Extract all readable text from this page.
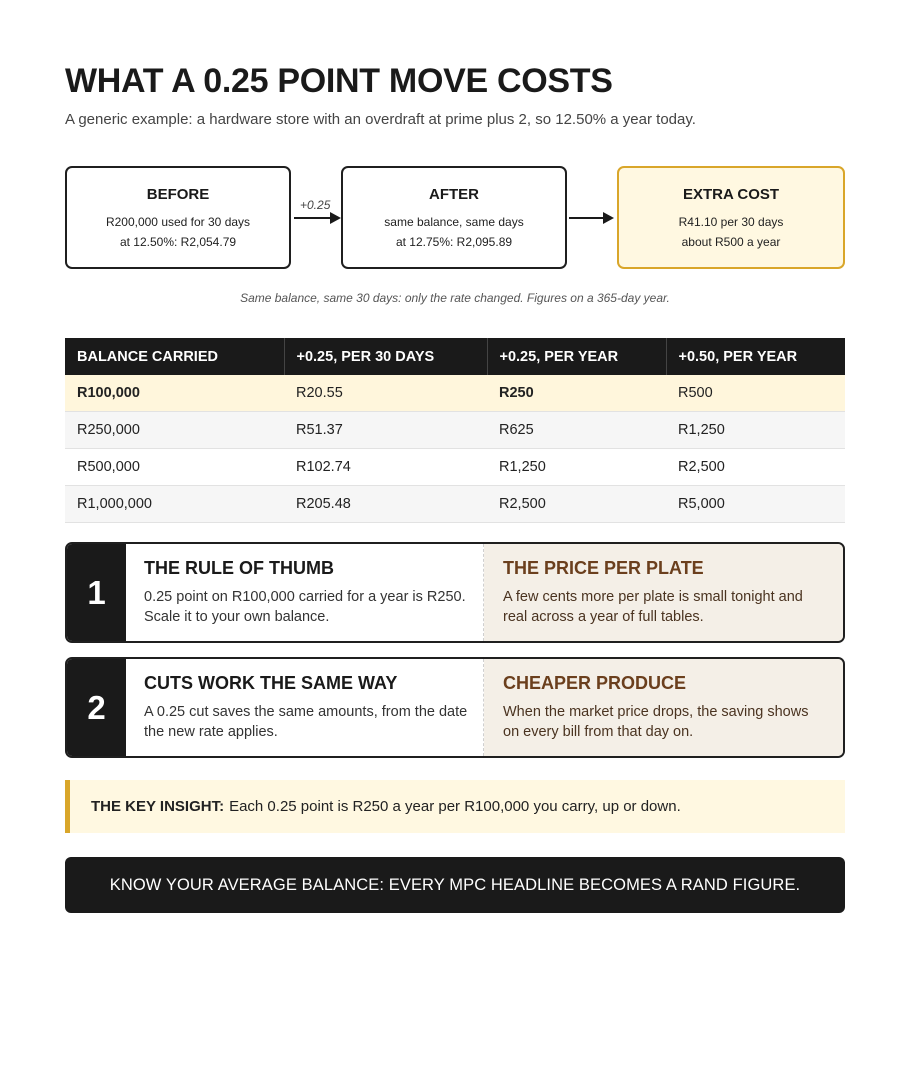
WHAT A 0.25 POINT MOVE COSTS

A generic example: a hardware store with an overdraft at prime plus 2, so 12.50% a year today.

BEFORE
R200,000 used for 30 days
at 12.50%: R2,054.79
+0.25
AFTER
same balance, same days
at 12.75%: R2,095.89
EXTRA COST
R41.10 per 30 days
about R500 a year
Same balance, same 30 days: only the rate changed. Figures on a 365-day year.
BALANCE CARRIED	+0.25, PER 30 DAYS	+0.25, PER YEAR	+0.50, PER YEAR
R100,000	R20.55	R250	R500
R250,000	R51.37	R625	R1,250
R500,000	R102.74	R1,250	R2,500
R1,000,000	R205.48	R2,500	R5,000
1
THE RULE OF THUMB
0.25 point on R100,000 carried for a year is R250. Scale it to your own balance.
THE PRICE PER PLATE
A few cents more per plate is small tonight and real across a year of full tables.
2
CUTS WORK THE SAME WAY
A 0.25 cut saves the same amounts, from the date the new rate applies.
CHEAPER PRODUCE
When the market price drops, the saving shows on every bill from that day on.
THE KEY INSIGHT: Each 0.25 point is R250 a year per R100,000 you carry, up or down.
KNOW YOUR AVERAGE BALANCE: EVERY MPC HEADLINE BECOMES A RAND FIGURE.
